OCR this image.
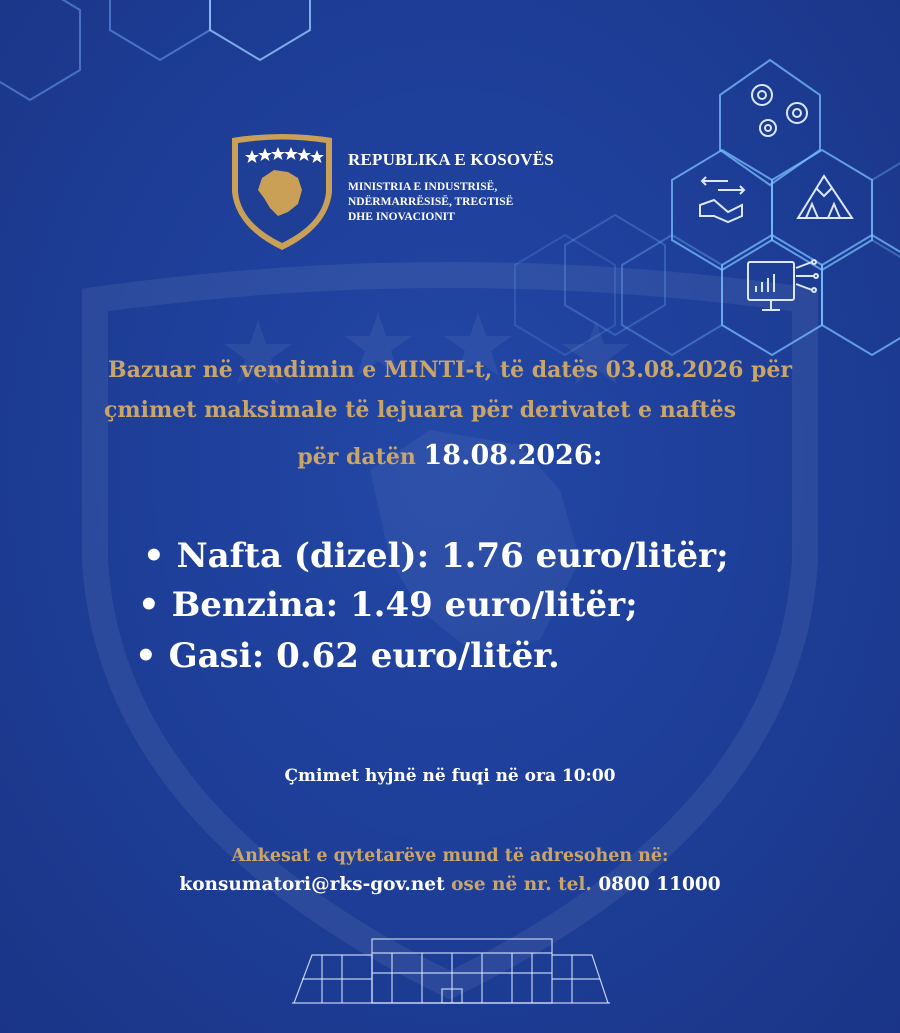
REPUBLIKA E KOSOVËS
MINISTRIA E INDUSTRISË,
NDËRMARRËSISË, TREGTISË
DHE INOVACIONIT
Bazuar në vendimin e MINTI-t, të datës 03.08.2026 për
çmimet maksimale të lejuara për derivatet e naftës
për datën 18.08.2026:
• Nafta (dizel): 1.76 euro/litër;
• Benzina: 1.49 euro/litër;
• Gasi: 0.62 euro/litër.
Çmimet hyjnë në fuqi në ora 10:00
Ankesat e qytetarëve mund të adresohen në:
konsumatori@rks-gov.net ose në nr. tel. 0800 11000
